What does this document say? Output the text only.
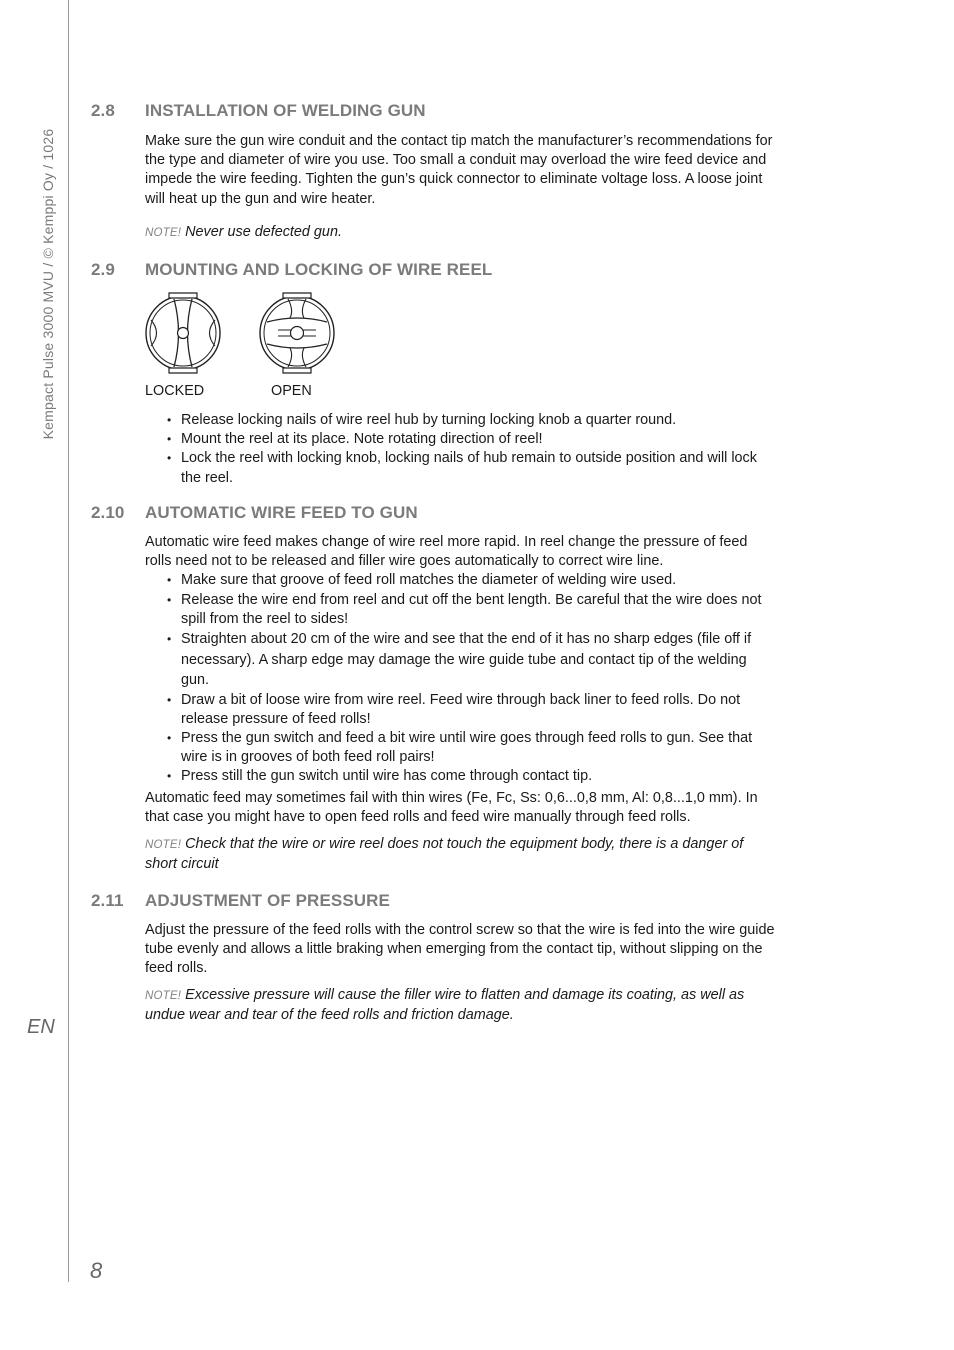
Kempact Pulse 3000 MVU / © Kemppi Oy / 1026
EN
8
2.8 INSTALLATION OF WELDING GUN

Make sure the gun wire conduit and the contact tip match the manufacturer’s recommendations for the type and diameter of wire you use. Too small a conduit may overload the wire feed device and impede the wire feeding. Tighten the gun’s quick connector to eliminate voltage loss. A loose joint will heat up the gun and wire heater.

NOTE! Never use defected gun.
2.9 MOUNTING AND LOCKING OF WIRE REEL
LOCKED	OPEN
• Release locking nails of wire reel hub by turning locking knob a quarter round.
• Mount the reel at its place. Note rotating direction of reel!
• Lock the reel with locking knob, locking nails of hub remain to outside position and will lock the reel.
2.10 AUTOMATIC WIRE FEED TO GUN

Automatic wire feed makes change of wire reel more rapid. In reel change the pressure of feed rolls need not to be released and filler wire goes automatically to correct wire line.

• Make sure that groove of feed roll matches the diameter of welding wire used.
• Release the wire end from reel and cut off the bent length. Be careful that the wire does not spill from the reel to sides!
• Straighten about 20 cm of the wire and see that the end of it has no sharp edges (file off if necessary). A sharp edge may damage the wire guide tube and contact tip of the welding gun.
• Draw a bit of loose wire from wire reel. Feed wire through back liner to feed rolls. Do not release pressure of feed rolls!
• Press the gun switch and feed a bit wire until wire goes through feed rolls to gun. See that wire is in grooves of both feed roll pairs!
• Press still the gun switch until wire has come through contact tip.

Automatic feed may sometimes fail with thin wires (Fe, Fc, Ss: 0,6...0,8 mm, Al: 0,8...1,0 mm). In that case you might have to open feed rolls and feed wire manually through feed rolls.

NOTE! Check that the wire or wire reel does not touch the equipment body, there is a danger of short circuit
2.11 ADJUSTMENT OF PRESSURE

Adjust the pressure of the feed rolls with the control screw so that the wire is fed into the wire guide tube evenly and allows a little braking when emerging from the contact tip, without slipping on the feed rolls.

NOTE! Excessive pressure will cause the filler wire to flatten and damage its coating, as well as undue wear and tear of the feed rolls and friction damage.
